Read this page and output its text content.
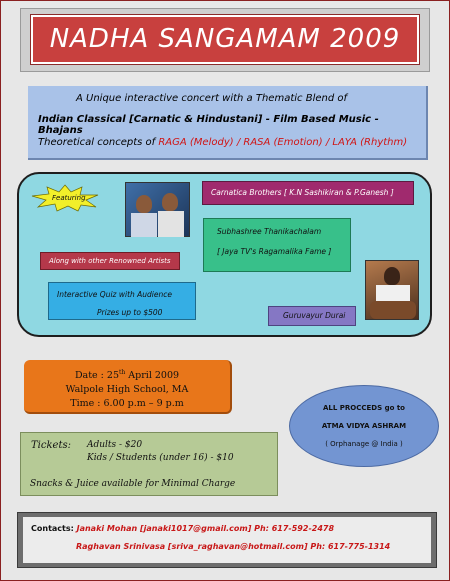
NADHA SANGAMAM 2009
A Unique interactive concert with a Thematic Blend of
Indian Classical [Carnatic & Hindustani] - Film Based Music - Bhajans
Theoretical concepts of RAGA (Melody) / RASA (Emotion) / LAYA (Rhythm)
Featuring
Carnatica Brothers [ K.N Sashikiran & P.Ganesh ]
Subhashree Thanikachalam
[ Jaya TV's Ragamalika Fame ]
Along with other Renowned Artists
Interactive Quiz with Audience
Prizes up to $500	Guruvayur Durai
Date : 25th April 2009
Walpole High School, MA
Time : 6.00 p.m – 9 p.m	ALL PROCCEDS go to
ATMA VIDYA ASHRAM
( Orphanage @ India )
Tickets: Adults - $20
Kids / Students (under 16) - $10
Snacks & Juice available for Minimal Charge
Contacts: Janaki Mohan [janaki1017@gmail.com] Ph: 617-592-2478
Raghavan Srinivasa [sriva_raghavan@hotmail.com] Ph: 617-775-1314
